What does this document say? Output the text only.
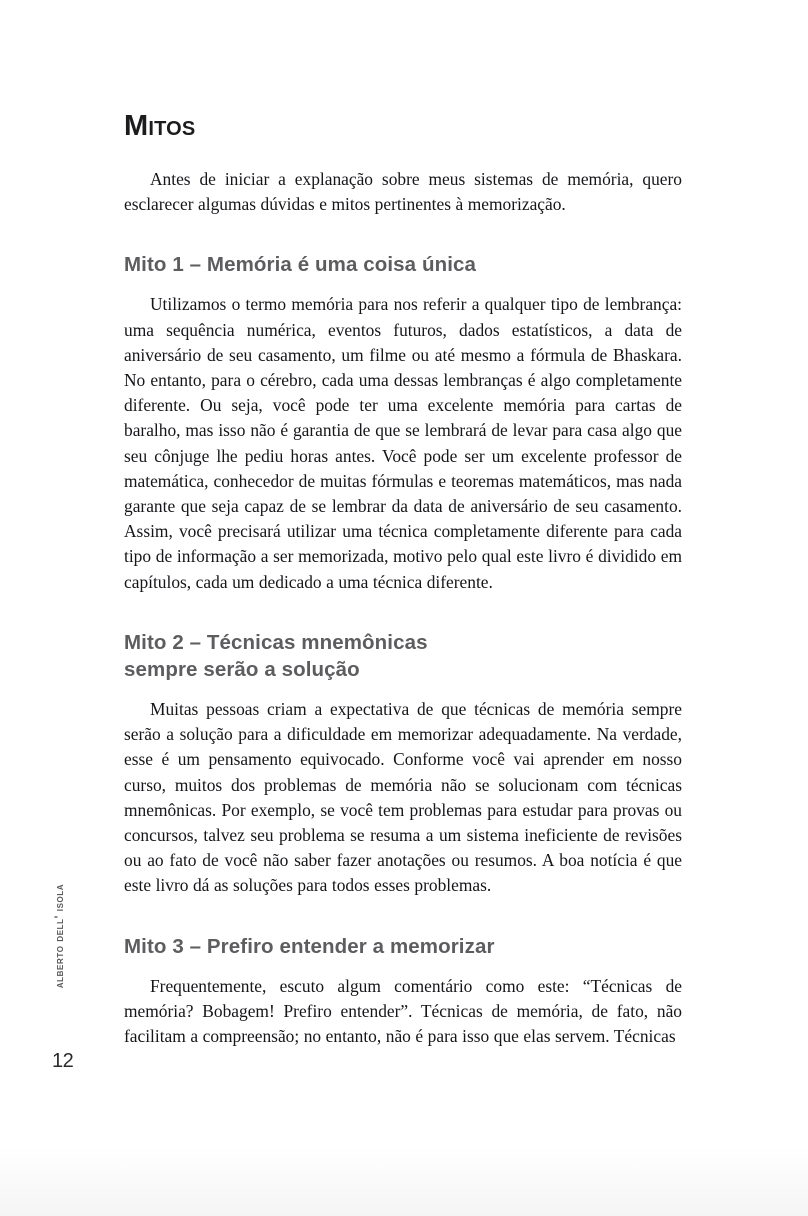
alberto dell' isola
12
Mitos

Antes de iniciar a explanação sobre meus sistemas de memória, quero esclarecer algumas dúvidas e mitos pertinentes à memorização.

Mito 1 – Memória é uma coisa única

Utilizamos o termo memória para nos referir a qualquer tipo de lembrança: uma sequência numérica, eventos futuros, dados estatísticos, a data de aniversário de seu casamento, um filme ou até mesmo a fórmula de Bhaskara. No entanto, para o cérebro, cada uma dessas lembranças é algo completamente diferente. Ou seja, você pode ter uma excelente memória para cartas de baralho, mas isso não é garantia de que se lembrará de levar para casa algo que seu cônjuge lhe pediu horas antes. Você pode ser um excelente professor de matemática, conhecedor de muitas fórmulas e teoremas matemáticos, mas nada garante que seja capaz de se lembrar da data de aniversário de seu casamento. Assim, você precisará utilizar uma técnica completamente diferente para cada tipo de informação a ser memorizada, motivo pelo qual este livro é dividido em capítulos, cada um dedicado a uma técnica diferente.

Mito 2 – Técnicas mnemônicas
sempre serão a solução

Muitas pessoas criam a expectativa de que técnicas de memória sempre serão a solução para a dificuldade em memorizar adequadamente. Na verdade, esse é um pensamento equivocado. Conforme você vai aprender em nosso curso, muitos dos problemas de memória não se solucionam com técnicas mnemônicas. Por exemplo, se você tem problemas para estudar para provas ou concursos, talvez seu problema se resuma a um sistema ineficiente de revisões ou ao fato de você não saber fazer anotações ou resumos. A boa notícia é que este livro dá as soluções para todos esses problemas.

Mito 3 – Prefiro entender a memorizar

Frequentemente, escuto algum comentário como este: “Técnicas de memória? Bobagem! Prefiro entender”. Técnicas de memória, de fato, não facilitam a compreensão; no entanto, não é para isso que elas servem. Técnicas
